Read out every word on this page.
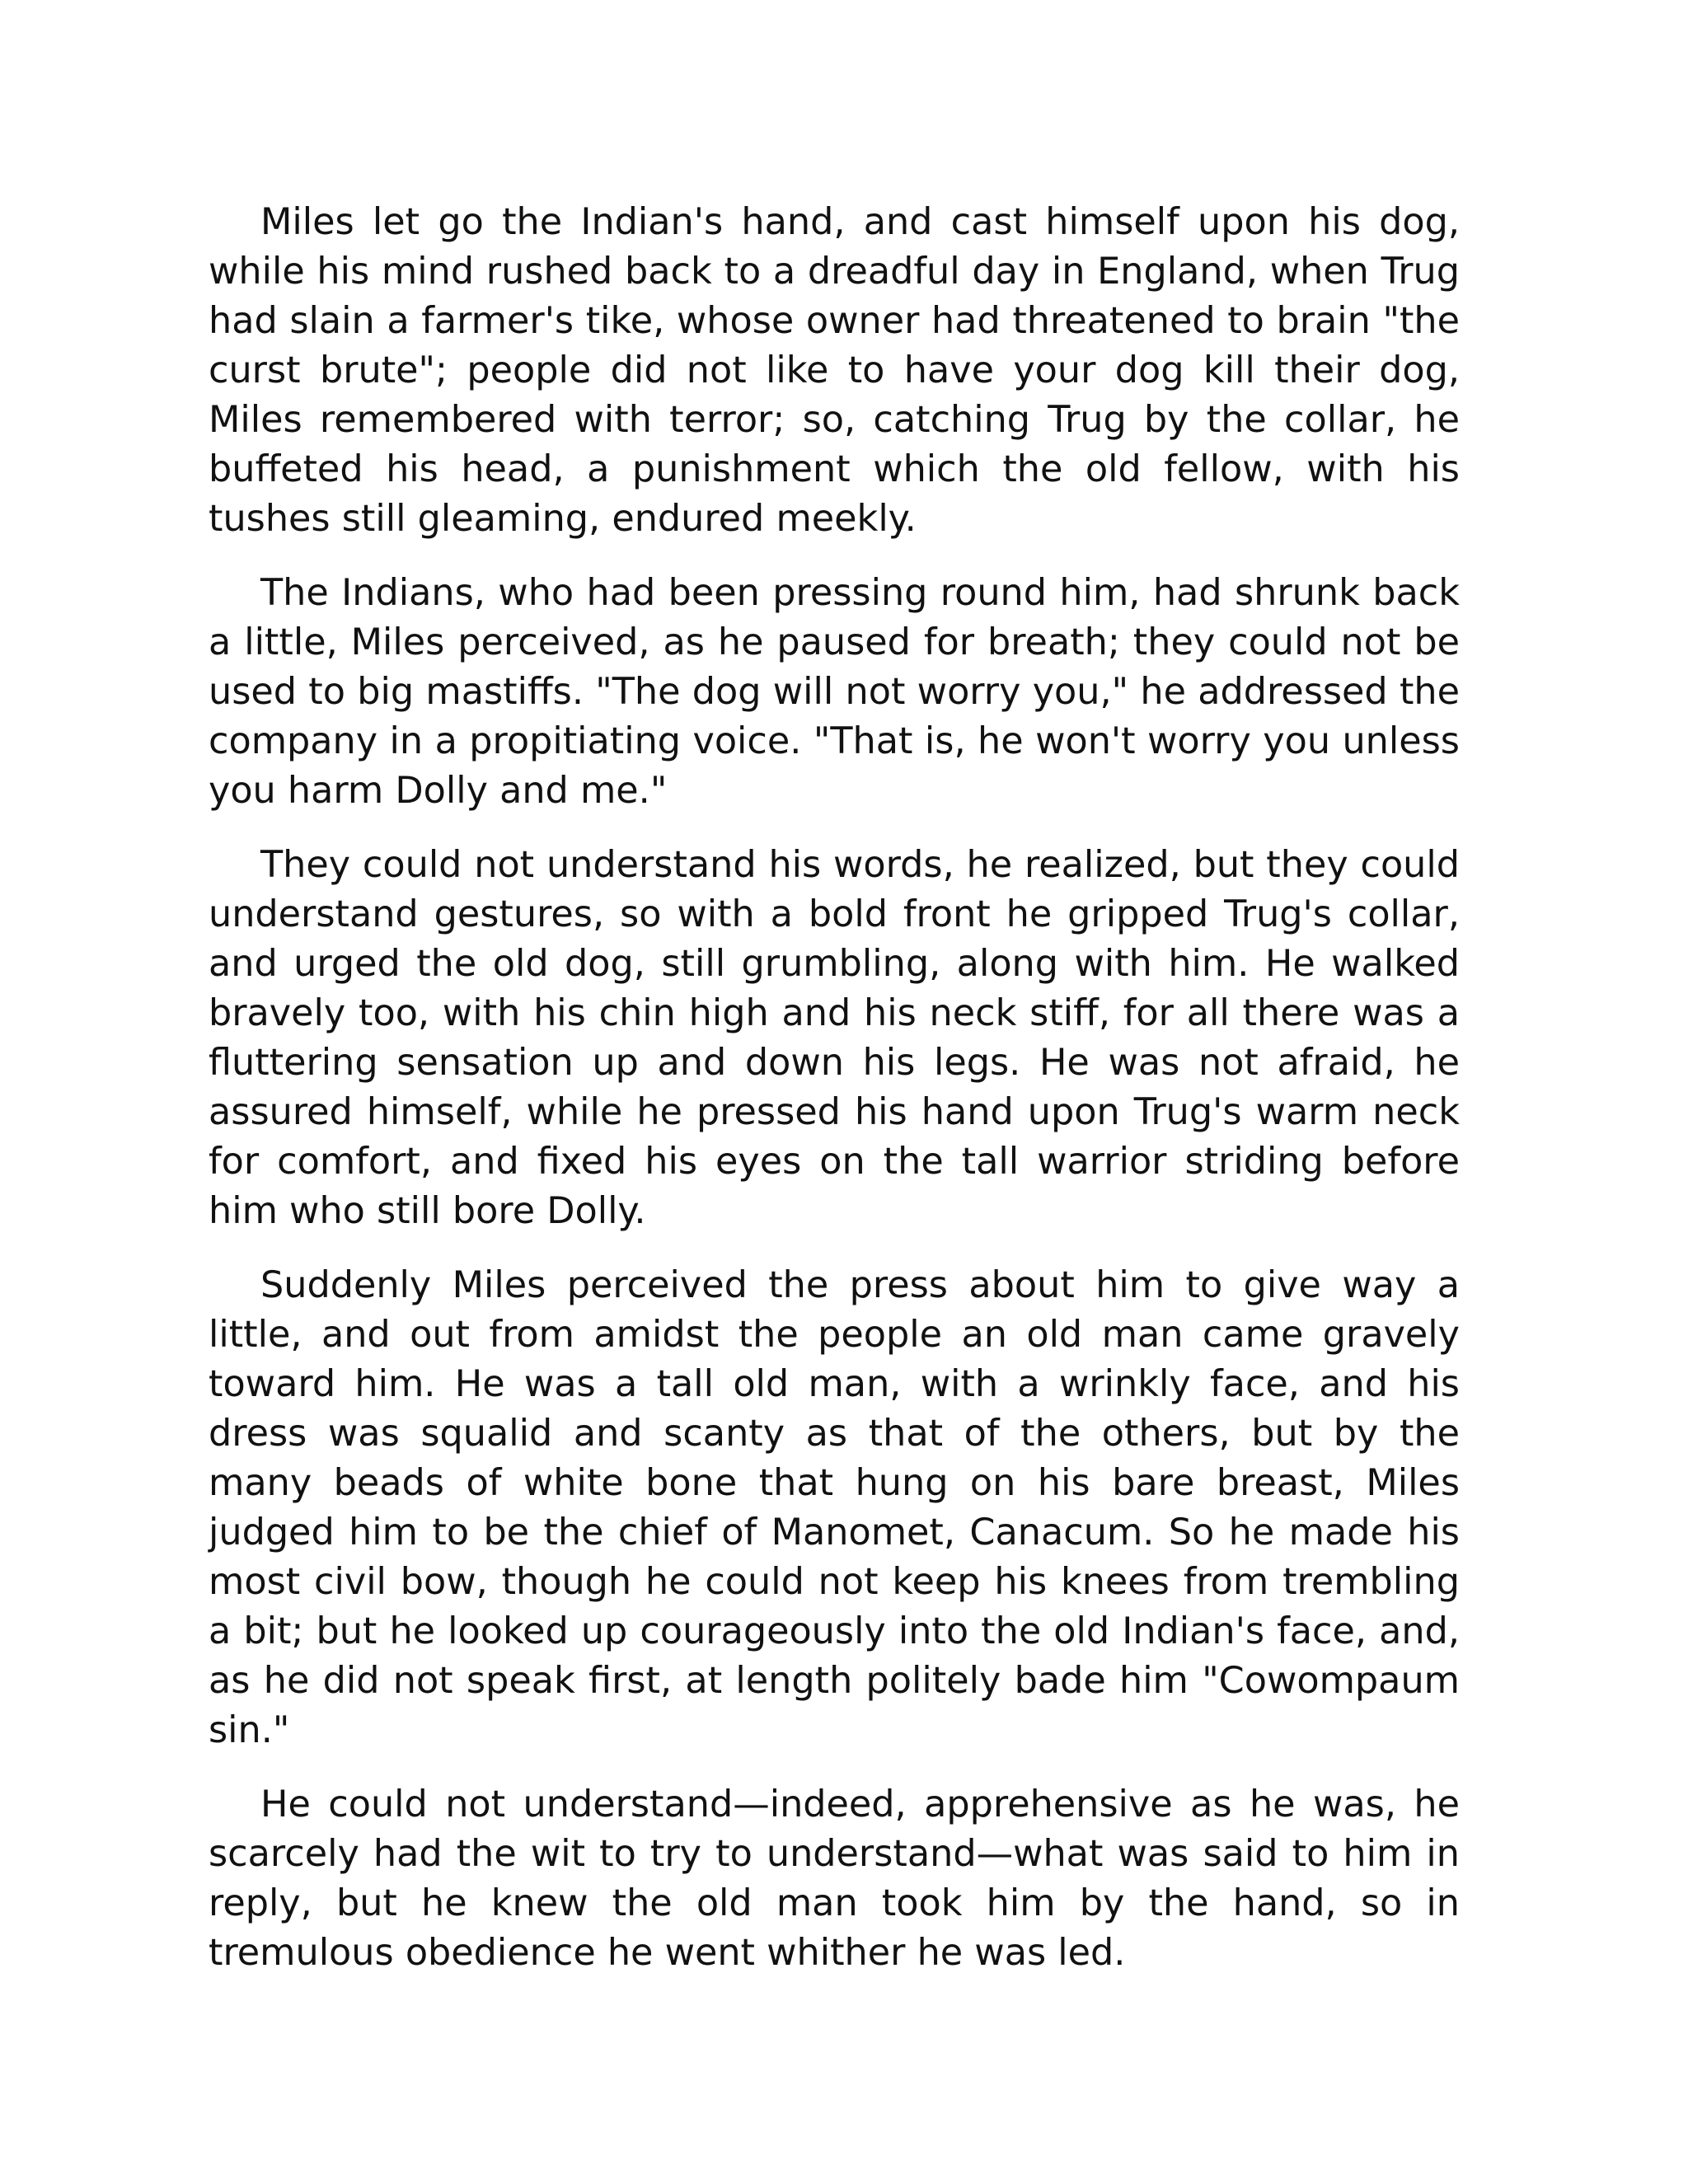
Miles let go the Indian's hand, and cast himself upon his dog, while his mind rushed back to a dreadful day in England, when Trug had slain a farmer's tike, whose owner had threatened to brain "the curst brute"; people did not like to have your dog kill their dog, Miles remembered with terror; so, catching Trug by the collar, he buffeted his head, a punishment which the old fellow, with his tushes still gleaming, endured meekly.

The Indians, who had been pressing round him, had shrunk back a little, Miles perceived, as he paused for breath; they could not be used to big mastiffs. "The dog will not worry you," he addressed the company in a propitiating voice. "That is, he won't worry you unless you harm Dolly and me."

They could not understand his words, he realized, but they could understand gestures, so with a bold front he gripped Trug's collar, and urged the old dog, still grumbling, along with him. He walked bravely too, with his chin high and his neck stiff, for all there was a fluttering sensation up and down his legs. He was not afraid, he assured himself, while he pressed his hand upon Trug's warm neck for comfort, and fixed his eyes on the tall warrior striding before him who still bore Dolly.

Suddenly Miles perceived the press about him to give way a little, and out from amidst the people an old man came gravely toward him. He was a tall old man, with a wrinkly face, and his dress was squalid and scanty as that of the others, but by the many beads of white bone that hung on his bare breast, Miles judged him to be the chief of Manomet, Canacum. So he made his most civil bow, though he could not keep his knees from trembling a bit; but he looked up courageously into the old Indian's face, and, as he did not speak first, at length politely bade him "Cowompaum sin."

He could not understand—indeed, apprehensive as he was, he scarcely had the wit to try to understand—what was said to him in reply, but he knew the old man took him by the hand, so in tremulous obedience he went whither he was led.
